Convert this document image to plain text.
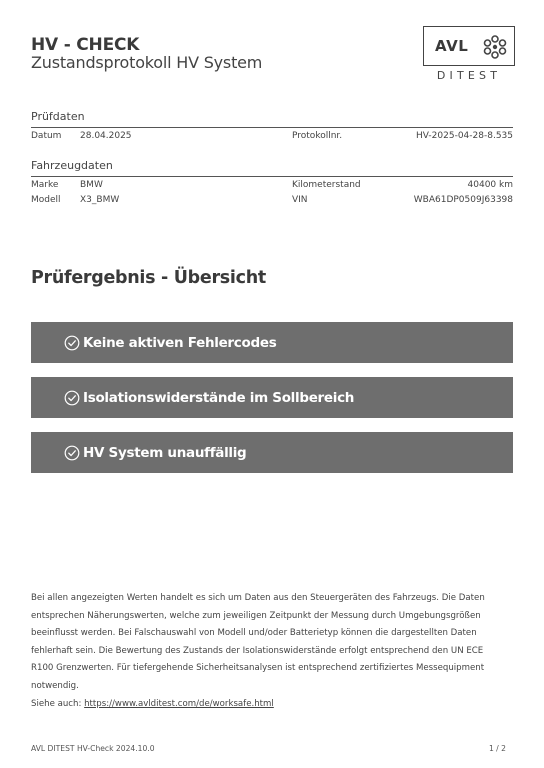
HV - CHECK
Zustandsprotokoll HV System
AVL
DITEST
Prüfdaten
Datum 28.04.2025	Protokollnr.	HV-2025-04-28-8.535
Fahrzeugdaten
Marke BMW	Kilometerstand	40400 km
Modell X3_BMW	VIN	WBA61DP0509J63398
Prüfergebnis - Übersicht
Keine aktiven Fehlercodes
Isolationswiderstände im Sollbereich
HV System unauffällig
Bei allen angezeigten Werten handelt es sich um Daten aus den Steuergeräten des Fahrzeugs. Die Daten
entsprechen Näherungswerten, welche zum jeweiligen Zeitpunkt der Messung durch Umgebungsgrößen
beeinflusst werden. Bei Falschauswahl von Modell und/oder Batterietyp können die dargestellten Daten
fehlerhaft sein. Die Bewertung des Zustands der Isolationswiderstände erfolgt entsprechend den UN ECE
R100 Grenzwerten. Für tiefergehende Sicherheitsanalysen ist entsprechend zertifiziertes Messequipment
notwendig.
Siehe auch: https://www.avlditest.com/de/worksafe.html
AVL DITEST HV-Check 2024.10.0	1 / 2
